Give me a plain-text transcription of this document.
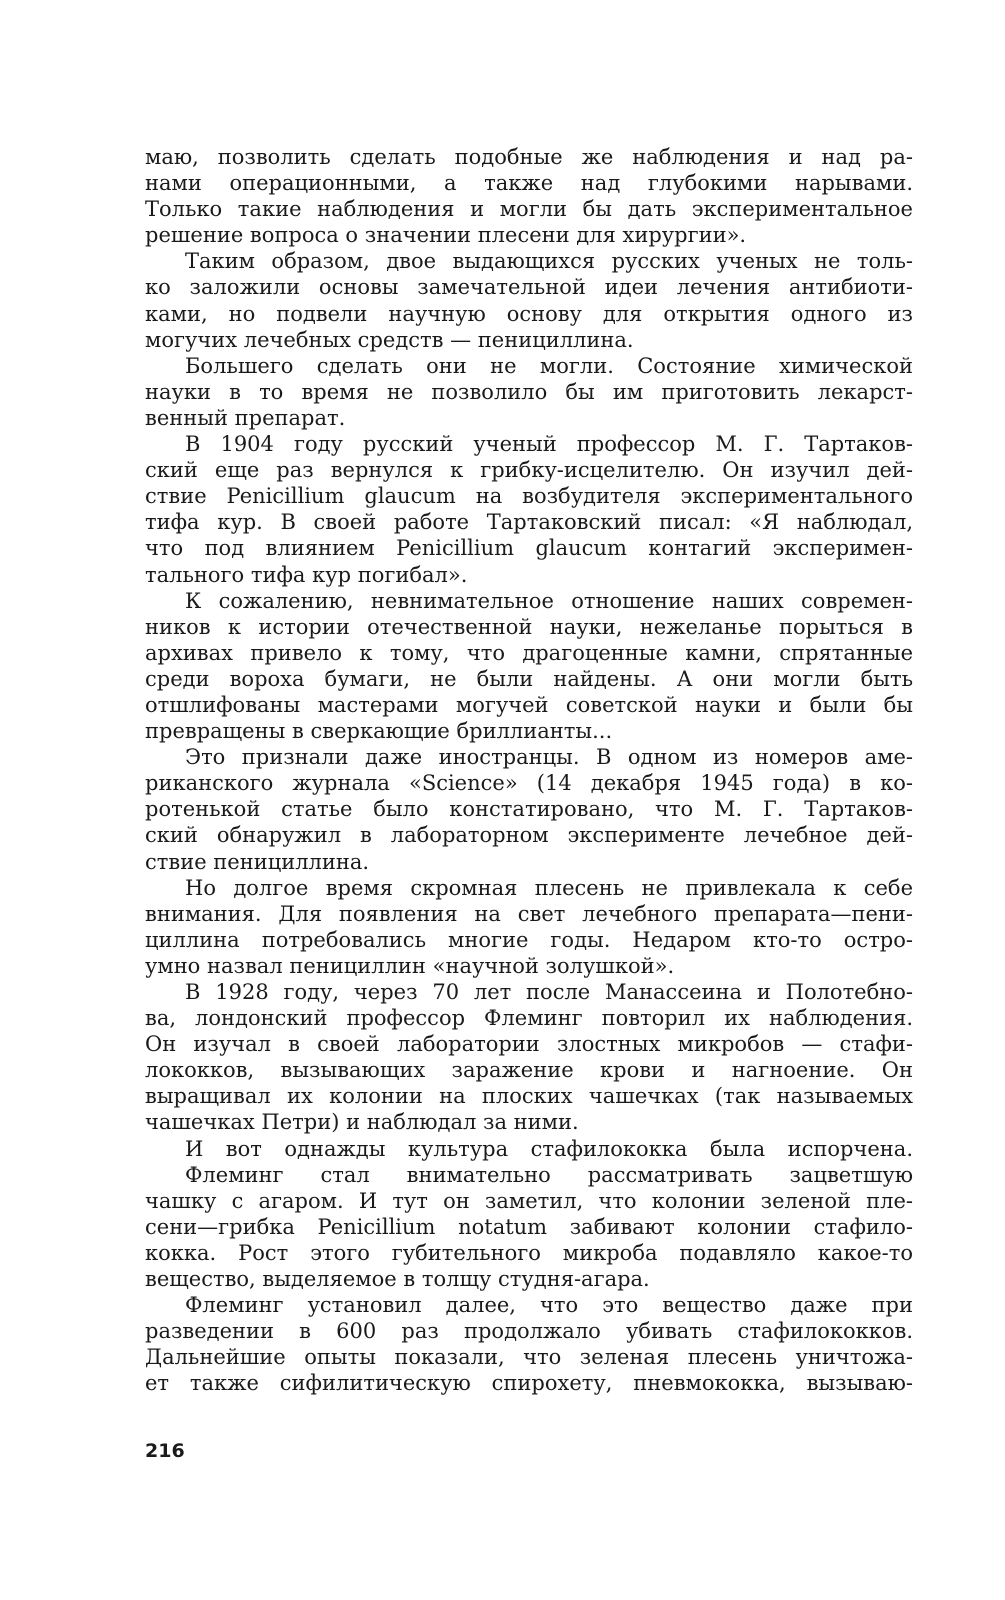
маю, позволить сделать подобные же наблюдения и над ра-
нами операционными, а также над глубокими нарывами.
Только такие наблюдения и могли бы дать экспериментальное
решение вопроса о значении плесени для хирургии».
Таким образом, двое выдающихся русских ученых не толь-
ко заложили основы замечательной идеи лечения антибиоти-
ками, но подвели научную основу для открытия одного из
могучих лечебных средств — пенициллина.
Большего сделать они не могли. Состояние химической
науки в то время не позволило бы им приготовить лекарст-
венный препарат.
В 1904 году русский ученый профессор М. Г. Тартаков-
ский еще раз вернулся к грибку-исцелителю. Он изучил дей-
ствие Penicillium glaucum на возбудителя экспериментального
тифа кур. В своей работе Тартаковский писал: «Я наблюдал,
что под влиянием Penicillium glaucum контагий эксперимен-
тального тифа кур погибал».
К сожалению, невнимательное отношение наших современ-
ников к истории отечественной науки, нежеланье порыться в
архивах привело к тому, что драгоценные камни, спрятанные
среди вороха бумаги, не были найдены. А они могли быть
отшлифованы мастерами могучей советской науки и были бы
превращены в сверкающие бриллианты...
Это признали даже иностранцы. В одном из номеров аме-
риканского журнала «Science» (14 декабря 1945 года) в ко-
ротенькой статье было констатировано, что М. Г. Тартаков-
ский обнаружил в лабораторном эксперименте лечебное дей-
ствие пенициллина.
Но долгое время скромная плесень не привлекала к себе
внимания. Для появления на свет лечебного препарата—пени-
циллина потребовались многие годы. Недаром кто-то остро-
умно назвал пенициллин «научной золушкой».
В 1928 году, через 70 лет после Манассеина и Полотебно-
ва, лондонский профессор Флеминг повторил их наблюдения.
Он изучал в своей лаборатории злостных микробов — стафи-
лококков, вызывающих заражение крови и нагноение. Он
выращивал их колонии на плоских чашечках (так называемых
чашечках Петри) и наблюдал за ними.
И вот однажды культура стафилококка была испорчена.
Флеминг стал внимательно рассматривать зацветшую
чашку с агаром. И тут он заметил, что колонии зеленой пле-
сени—грибка Penicillium notatum забивают колонии стафило-
кокка. Рост этого губительного микроба подавляло какое-то
вещество, выделяемое в толщу студня-агара.
Флеминг установил далее, что это вещество даже при
разведении в 600 раз продолжало убивать стафилококков.
Дальнейшие опыты показали, что зеленая плесень уничтожа-
ет также сифилитическую спирохету, пневмококка, вызываю-
216
